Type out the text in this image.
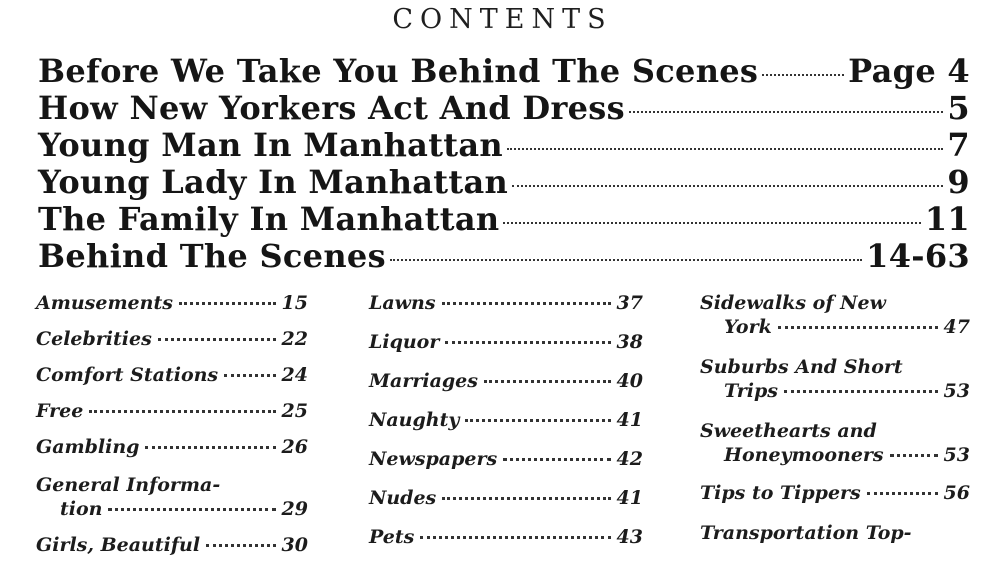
CONTENTS
Before We Take You Behind The Scenes	Page 4
How New Yorkers Act And Dress	5
Young Man In Manhattan	7
Young Lady In Manhattan	9
The Family In Manhattan	11
Behind The Scenes	14-63
Amusements	15
Celebrities	22
Comfort Stations	24
Free	25
Gambling	26
General Informa-
tion	29
Girls, Beautiful	30
Lawns	37
Liquor	38
Marriages	40
Naughty	41
Newspapers	42
Nudes	41
Pets	43
Sidewalks of New
York	47
Suburbs And Short
Trips	53
Sweethearts and
Honeymooners	53
Tips to Tippers	56
Transportation Top-
